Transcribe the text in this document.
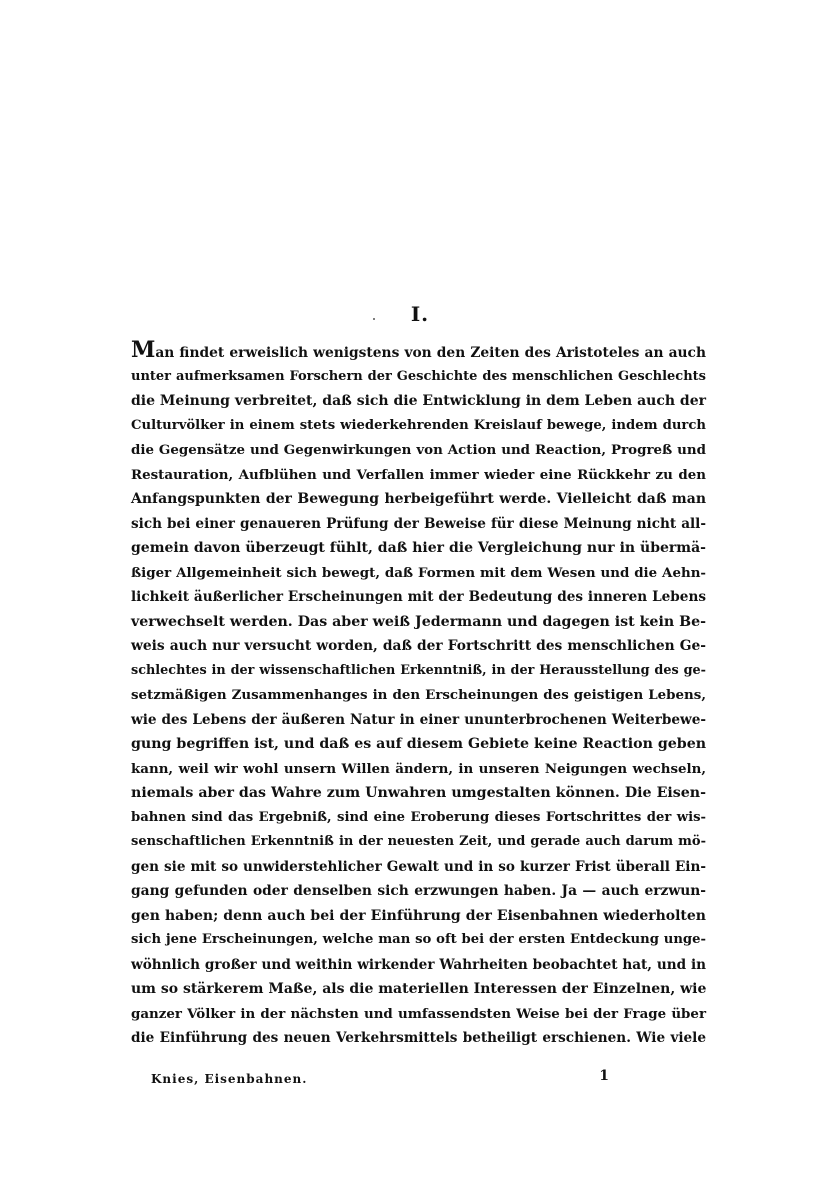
I.
Man findet erweislich wenigstens von den Zeiten des Aristoteles an auch
unter aufmerksamen Forschern der Geschichte des menschlichen Geschlechts
die Meinung verbreitet, daß sich die Entwicklung in dem Leben auch der
Culturvölker in einem stets wiederkehrenden Kreislauf bewege, indem durch
die Gegensätze und Gegenwirkungen von Action und Reaction, Progreß und
Restauration, Aufblühen und Verfallen immer wieder eine Rückkehr zu den
Anfangspunkten der Bewegung herbeigeführt werde. Vielleicht daß man
sich bei einer genaueren Prüfung der Beweise für diese Meinung nicht all-
gemein davon überzeugt fühlt, daß hier die Vergleichung nur in übermä-
ßiger Allgemeinheit sich bewegt, daß Formen mit dem Wesen und die Aehn-
lichkeit äußerlicher Erscheinungen mit der Bedeutung des inneren Lebens
verwechselt werden. Das aber weiß Jedermann und dagegen ist kein Be-
weis auch nur versucht worden, daß der Fortschritt des menschlichen Ge-
schlechtes in der wissenschaftlichen Erkenntniß, in der Herausstellung des ge-
setzmäßigen Zusammenhanges in den Erscheinungen des geistigen Lebens,
wie des Lebens der äußeren Natur in einer ununterbrochenen Weiterbewe-
gung begriffen ist, und daß es auf diesem Gebiete keine Reaction geben
kann, weil wir wohl unsern Willen ändern, in unseren Neigungen wechseln,
niemals aber das Wahre zum Unwahren umgestalten können. Die Eisen-
bahnen sind das Ergebniß, sind eine Eroberung dieses Fortschrittes der wis-
senschaftlichen Erkenntniß in der neuesten Zeit, und gerade auch darum mö-
gen sie mit so unwiderstehlicher Gewalt und in so kurzer Frist überall Ein-
gang gefunden oder denselben sich erzwungen haben. Ja — auch erzwun-
gen haben; denn auch bei der Einführung der Eisenbahnen wiederholten
sich jene Erscheinungen, welche man so oft bei der ersten Entdeckung unge-
wöhnlich großer und weithin wirkender Wahrheiten beobachtet hat, und in
um so stärkerem Maße, als die materiellen Interessen der Einzelnen, wie
ganzer Völker in der nächsten und umfassendsten Weise bei der Frage über
die Einführung des neuen Verkehrsmittels betheiligt erschienen. Wie viele
Knies, Eisenbahnen.	1
